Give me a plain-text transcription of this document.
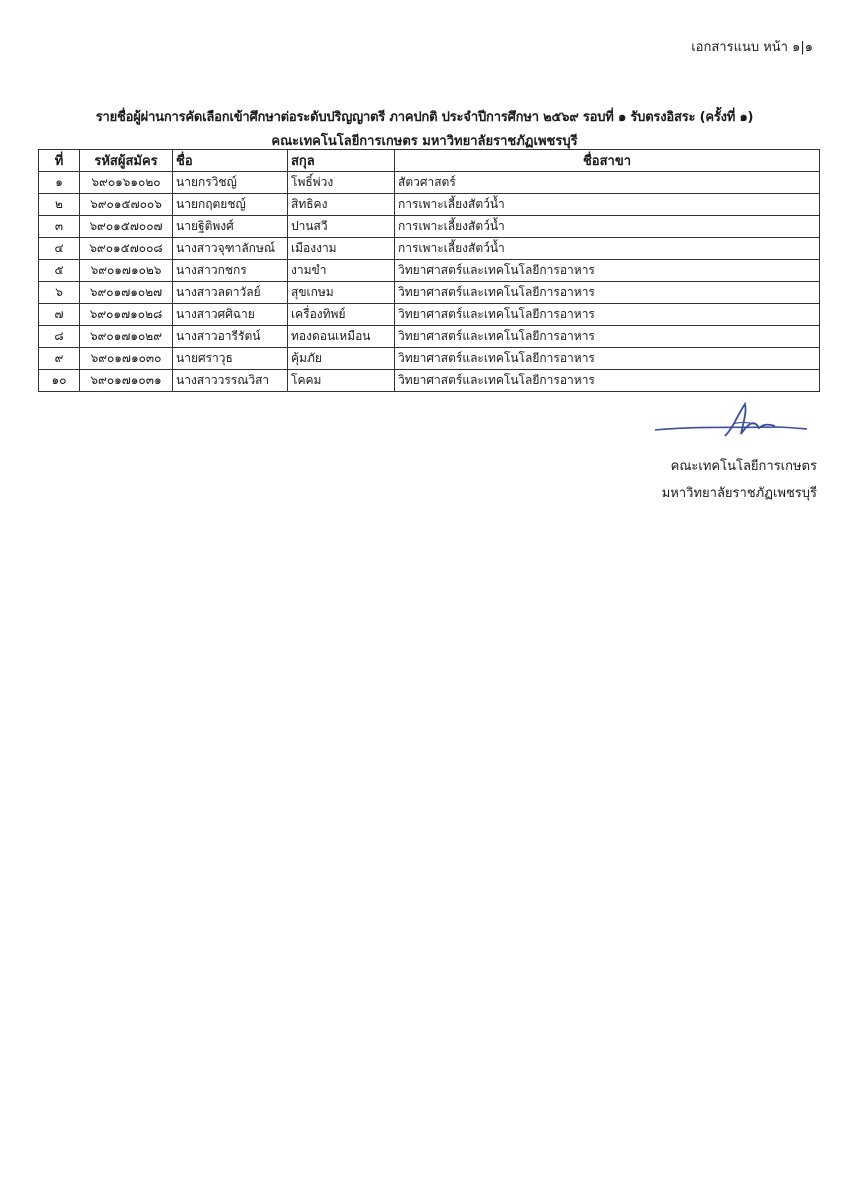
เอกสารแนบ หน้า ๑|๑
รายชื่อผู้ผ่านการคัดเลือกเข้าศึกษาต่อระดับปริญญาตรี ภาคปกติ ประจำปีการศึกษา ๒๕๖๙ รอบที่ ๑ รับตรงอิสระ (ครั้งที่ ๑)
คณะเทคโนโลยีการเกษตร มหาวิทยาลัยราชภัฏเพชรบุรี
ที่	รหัสผู้สมัคร	ชื่อ	สกุล	ชื่อสาขา
๑	๖๙๐๑๖๑๐๒๐	นายกรวิชญ์	โพธิ์พ่วง	สัตวศาสตร์
๒	๖๙๐๑๕๗๐๐๖	นายกฤตยชญ์	สิทธิคง	การเพาะเลี้ยงสัตว์น้ำ
๓	๖๙๐๑๕๗๐๐๗	นายฐิติพงศ์	ปานสวี	การเพาะเลี้ยงสัตว์น้ำ
๔	๖๙๐๑๕๗๐๐๘	นางสาวจุฑาลักษณ์	เมืองงาม	การเพาะเลี้ยงสัตว์น้ำ
๕	๖๙๐๑๗๑๐๒๖	นางสาวกชกร	งามขำ	วิทยาศาสตร์และเทคโนโลยีการอาหาร
๖	๖๙๐๑๗๑๐๒๗	นางสาวลดาวัลย์	สุขเกษม	วิทยาศาสตร์และเทคโนโลยีการอาหาร
๗	๖๙๐๑๗๑๐๒๘	นางสาวศศิฉาย	เครื่องทิพย์	วิทยาศาสตร์และเทคโนโลยีการอาหาร
๘	๖๙๐๑๗๑๐๒๙	นางสาวอารีรัตน์	ทองดอนเหมือน	วิทยาศาสตร์และเทคโนโลยีการอาหาร
๙	๖๙๐๑๗๑๐๓๐	นายศราวุธ	คุ้มภัย	วิทยาศาสตร์และเทคโนโลยีการอาหาร
๑๐	๖๙๐๑๗๑๐๓๑	นางสาววรรณวิสา	โคคม	วิทยาศาสตร์และเทคโนโลยีการอาหาร
คณะเทคโนโลยีการเกษตร
มหาวิทยาลัยราชภัฏเพชรบุรี
